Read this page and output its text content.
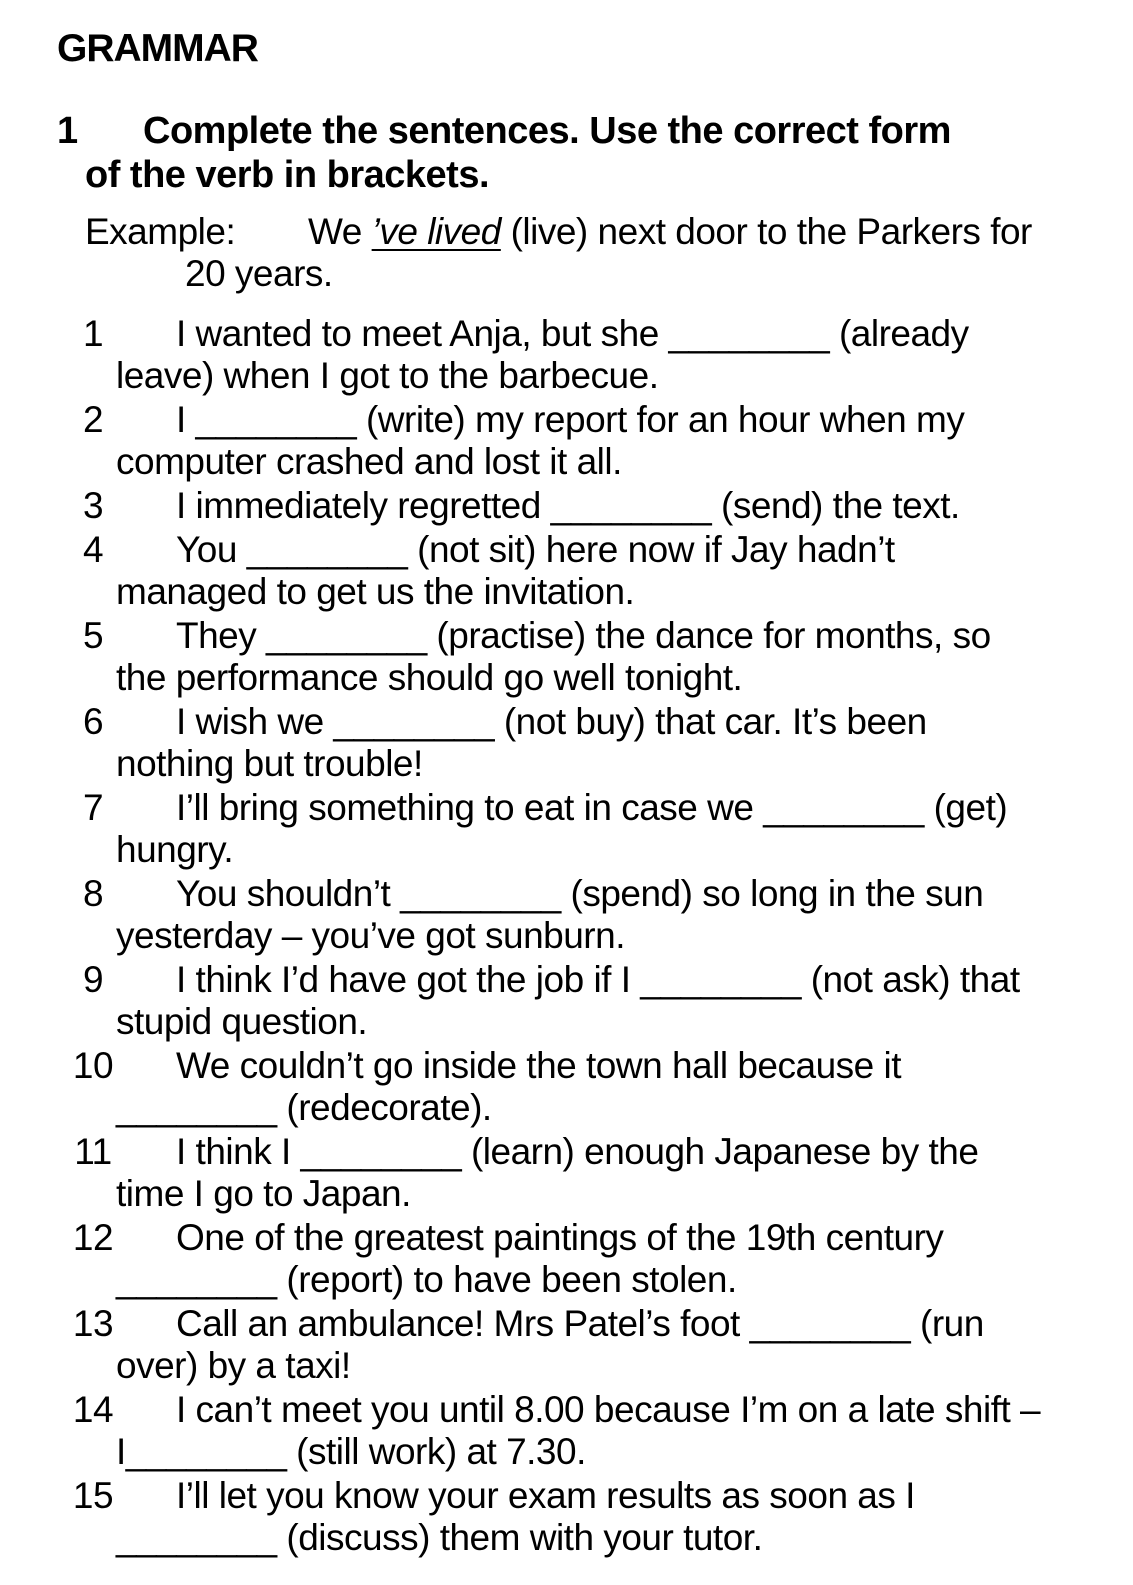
GRAMMAR
1	Complete the sentences. Use the correct form
of the verb in brackets.
Example:	We ’ve lived (live) next door to the Parkers for
20 years.
1	I wanted to meet Anja, but she ________ (already
leave) when I got to the barbecue.
2	I ________ (write) my report for an hour when my
computer crashed and lost it all.
3	I immediately regretted ________ (send) the text.
4	You ________ (not sit) here now if Jay hadn’t
managed to get us the invitation.
5	They ________ (practise) the dance for months, so
the performance should go well tonight.
6	I wish we ________ (not buy) that car. It’s been
nothing but trouble!
7	I’ll bring something to eat in case we ________ (get)
hungry.
8	You shouldn’t ________ (spend) so long in the sun
yesterday – you’ve got sunburn.
9	I think I’d have got the job if I ________ (not ask) that
stupid question.
10	We couldn’t go inside the town hall because it
________ (redecorate).
11	I think I ________ (learn) enough Japanese by the
time I go to Japan.
12	One of the greatest paintings of the 19th century
________ (report) to have been stolen.
13	Call an ambulance! Mrs Patel’s foot ________ (run
over) by a taxi!
14	I can’t meet you until 8.00 because I’m on a late shift –
I________ (still work) at 7.30.
15	I’ll let you know your exam results as soon as I
________ (discuss) them with your tutor.
